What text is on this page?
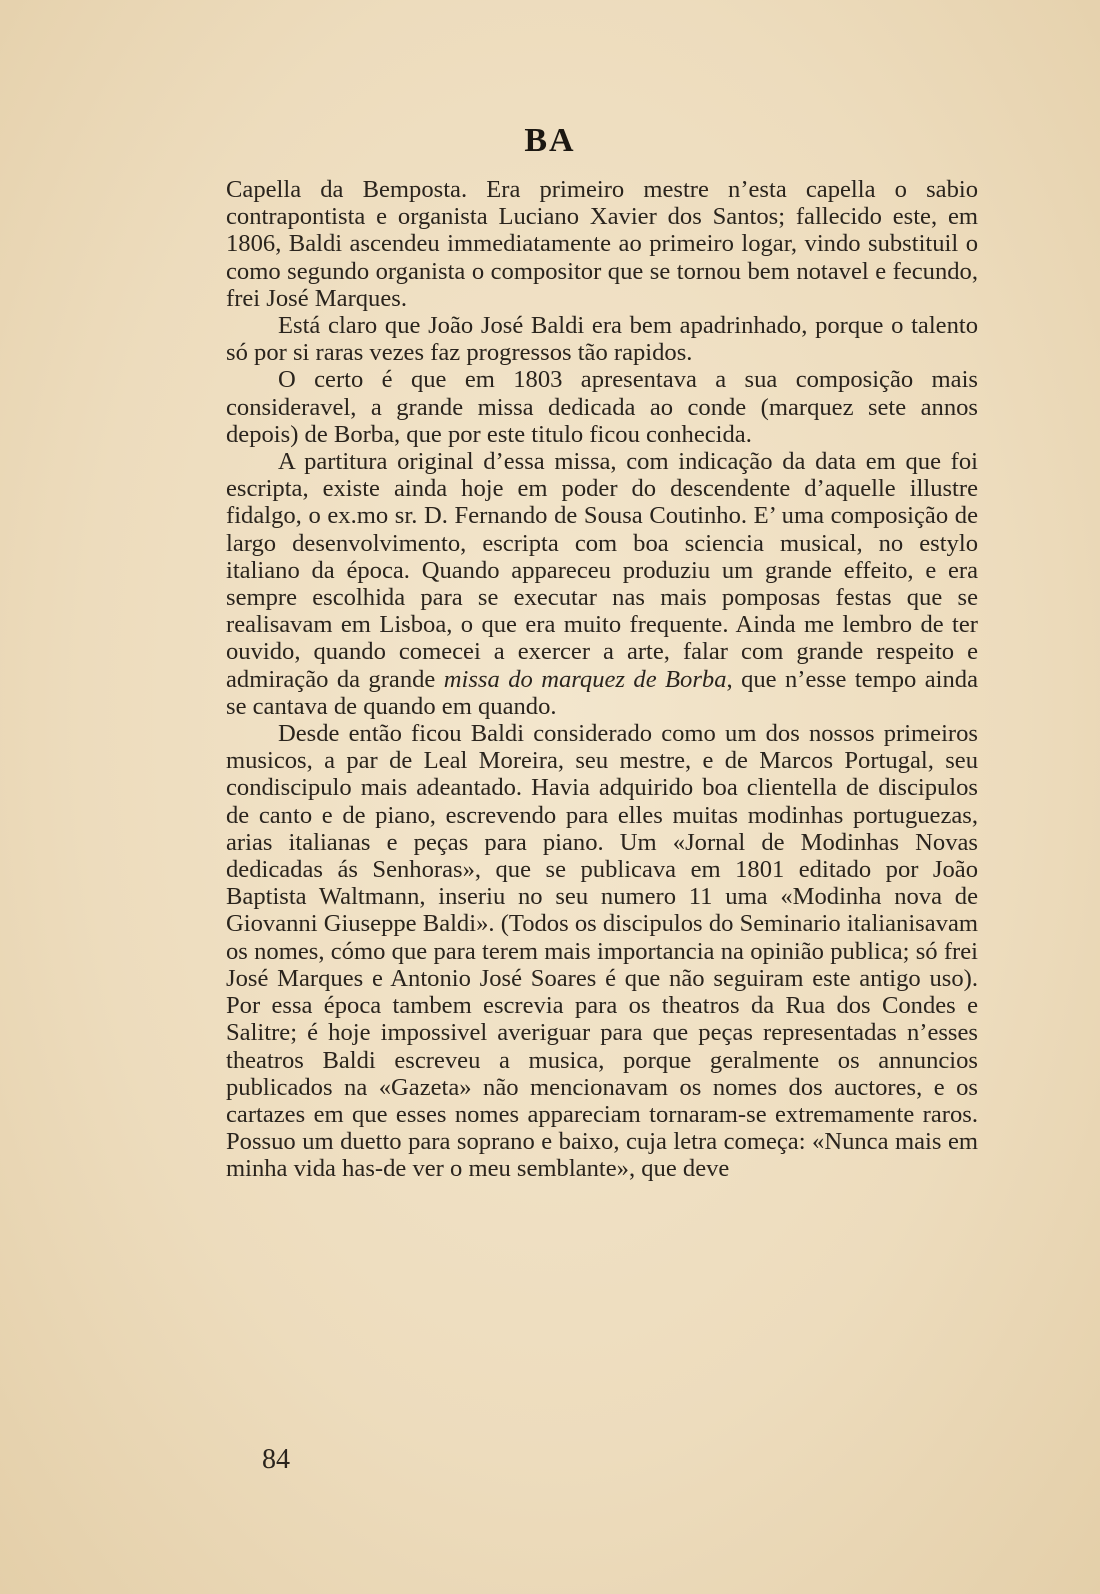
BA

Capella da Bemposta. Era primeiro mestre n’esta capella o sabio contrapontista e organista Luciano Xavier dos Santos; fallecido este, em 1806, Baldi ascendeu immediatamente ao primeiro logar, vindo substituil o como segundo organista o compositor que se tornou bem notavel e fecundo, frei José Marques.

Está claro que João José Baldi era bem apadrinhado, porque o talento só por si raras vezes faz progressos tão rapidos.

O certo é que em 1803 apresentava a sua composição mais consideravel, a grande missa dedicada ao conde (marquez sete annos depois) de Borba, que por este titulo ficou conhecida.

A partitura original d’essa missa, com indicação da data em que foi escripta, existe ainda hoje em poder do descendente d’aquelle illustre fidalgo, o ex.mo sr. D. Fernando de Sousa Coutinho. E’ uma composição de largo desenvolvimento, escripta com boa sciencia musical, no estylo italiano da época. Quando appareceu produziu um grande effeito, e era sempre escolhida para se executar nas mais pomposas festas que se realisavam em Lisboa, o que era muito frequente. Ainda me lembro de ter ouvido, quando comecei a exercer a arte, falar com grande respeito e admiração da grande missa do marquez de Borba, que n’esse tempo ainda se cantava de quando em quando.

Desde então ficou Baldi considerado como um dos nossos primeiros musicos, a par de Leal Moreira, seu mestre, e de Marcos Portugal, seu condiscipulo mais adeantado. Havia adquirido boa clientella de discipulos de canto e de piano, escrevendo para elles muitas modinhas portuguezas, arias italianas e peças para piano. Um «Jornal de Modinhas Novas dedicadas ás Senhoras», que se publicava em 1801 editado por João Baptista Waltmann, inseriu no seu numero 11 uma «Modinha nova de Giovanni Giuseppe Baldi». (Todos os discipulos do Seminario italianisavam os nomes, cómo que para terem mais importancia na opinião publica; só frei José Marques e Antonio José Soares é que não seguiram este antigo uso). Por essa época tambem escrevia para os theatros da Rua dos Condes e Salitre; é hoje impossivel averiguar para que peças representadas n’esses theatros Baldi escreveu a musica, porque geralmente os annuncios publicados na «Gazeta» não mencionavam os nomes dos auctores, e os cartazes em que esses nomes appareciam tornaram-se extremamente raros. Possuo um duetto para soprano e baixo, cuja letra começa: «Nunca mais em minha vida has-de ver o meu semblante», que deve

84
